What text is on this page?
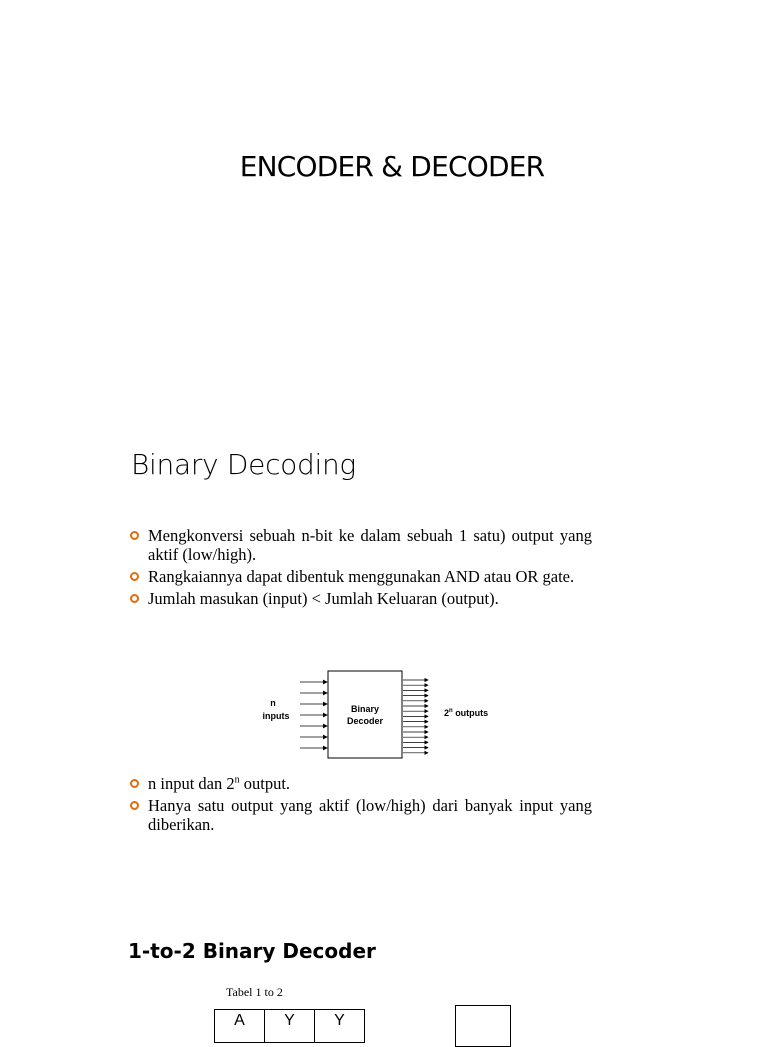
ENCODER & DECODER
Binary Decoding
Mengkonversi sebuah n-bit ke dalam sebuah 1 satu) output yang aktif (low/high).
Rangkaiannya dapat dibentuk menggunakan AND atau OR gate.
Jumlah masukan (input) < Jumlah Keluaran (output).
n
inputs
Binary
Decoder
2$^n$ outputs
n input dan 2$^n$ output.
Hanya satu output yang aktif (low/high) dari banyak input yang diberikan.
1-to-2 Binary Decoder
Tabel 1 to 2
A	Y	Y
